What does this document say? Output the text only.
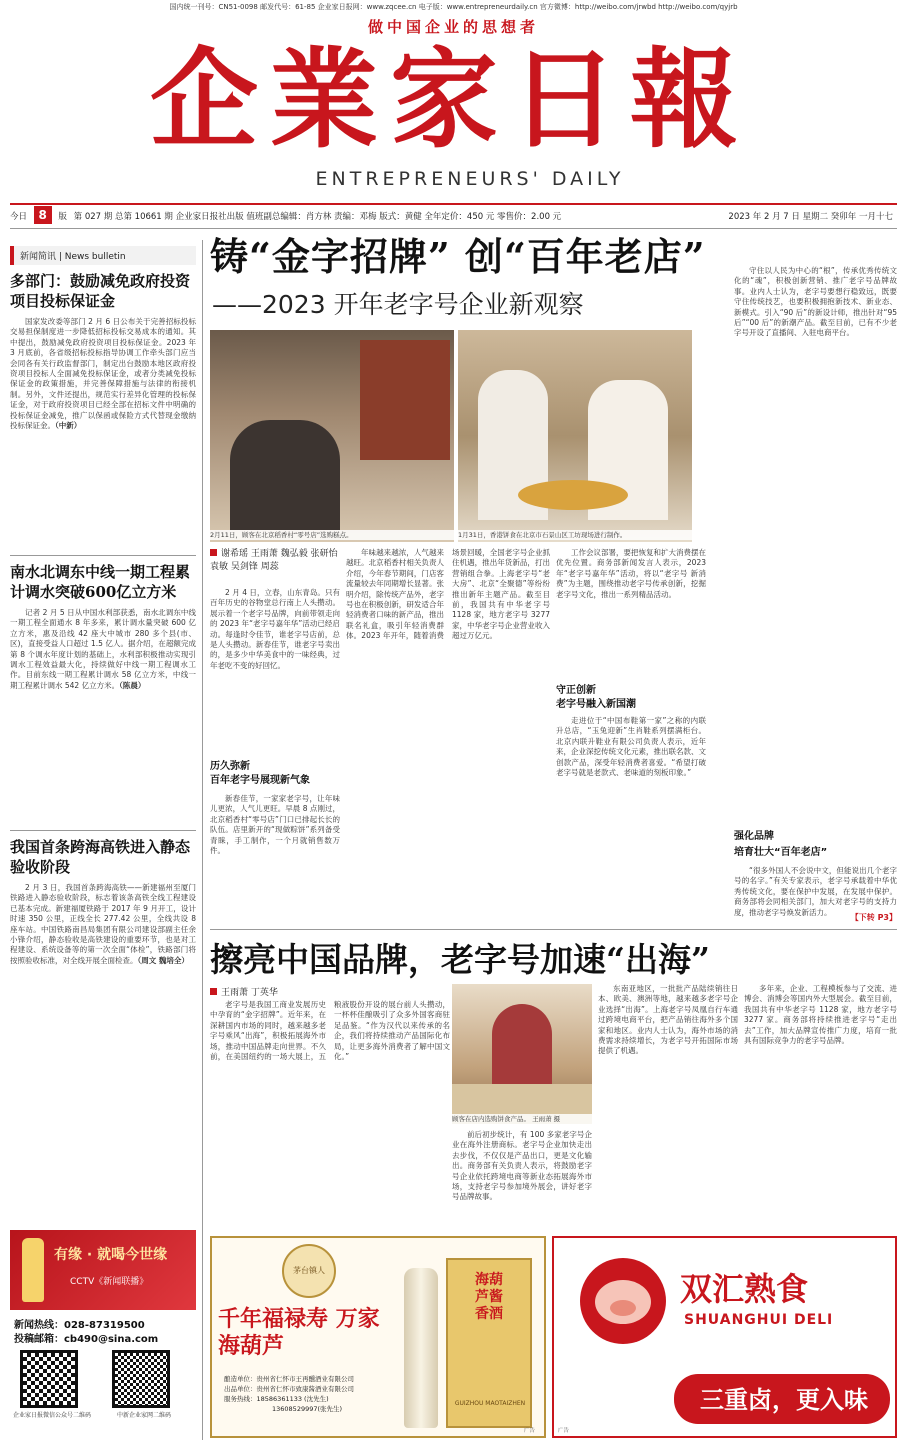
国内统一刊号：CN51-0098 邮发代号：61-85 企业家日报网：www.zqcee.cn 电子版：www.entrepreneurdaily.cn 官方微博：http://weibo.com/jrwbd http://weibo.com/qyjrb
做中国企业的思想者
企業家日報
ENTREPRENEURS' DAILY
今日 8 版 第 027 期 总第 10661 期 企业家日报社出版 值班副总编辑：肖方林 责编：邓梅 版式：黄健 全年定价：450 元 零售价：2.00 元	2023 年 2 月 7 日 星期二 癸卯年 一月十七
新闻简讯 | News bulletin
多部门：鼓励减免政府投资项目投标保证金
国家发改委等部门 2 月 6 日公布关于完善招标投标交易担保制度进一步降低招标投标交易成本的通知。其中提出，鼓励减免政府投资项目投标保证金。2023 年 3 月底前，各省级招标投标指导协调工作牵头部门应当会同各有关行政监督部门，制定出台鼓励本地区政府投资项目投标人全面减免投标保证金，或者分类减免投标保证金的政策措施，并完善保障措施与法律的衔接机制。另外，文件还提出，规范实行差异化管理的投标保证金，对于政府投资项目已经全部在招标文件中明确的投标保证金减免，推广以保函或保险方式代替现金缴纳投标保证金。（中新）
南水北调东中线一期工程累计调水突破600亿立方米
记者 2 月 5 日从中国水利部获悉，南水北调东中线一期工程全面通水 8 年多来，累计调水量突破 600 亿立方米，惠及沿线 42 座大中城市 280 多个县(市、区)，直接受益人口超过 1.5 亿人。据介绍，在超额完成第 8 个调水年度计划的基础上，水利部积极推动实现引调水工程效益最大化，持续做好中线一期工程调水工作。目前东线一期工程累计调水 58 亿立方米，中线一期工程累计调水 542 亿立方米。（陈晨）
我国首条跨海高铁进入静态验收阶段
2 月 3 日，我国首条跨海高铁——新建福州至厦门铁路进入静态验收阶段，标志着该条高铁全线工程建设已基本完成。新建福厦铁路于 2017 年 9 月开工，设计时速 350 公里，正线全长 277.42 公里，全线共设 8 座车站。中国铁路南昌局集团有限公司建设部副主任余小锋介绍，静态验收是高铁建设的重要环节，也是对工程建设、系统设备等的第一次全面“体检”，铁路部门将按照验收标准，对全线开展全面检查。（周文 魏培全）
有缘 · 就喝今世缘
CCTV《新闻联播》
新闻热线：028-87319500
投稿邮箱：cb490@sina.com
企业家日报微信公众号二维码	中新企业家网二维码
铸“金字招牌” 创“百年老店”
——2023 开年老字号企业新观察
2月11日，顾客在北京稻香村“零号店”选购糕点。	1月31日，香港饼食在北京市石景山区工坊现场进行制作。
谢希瑶 王雨萧 魏弘毅 张研怡 袁敏 吴剑锋 周蕊
2 月 4 日，立春，山东青岛。只有百年历史的谷物堂总行南上人头攒动。展示着一个老字号品牌，向前带领走向的 2023 年“老字号嘉年华”活动已经启动。每逢时令佳节，谁老字号店前，总是人头攒动。新春佳节，谁老字号卖出的，是多少中华美食中的一味经典，过年老吃不变的好回忆。
历久弥新
百年老字号展现新气象
新春佳节，一家家老字号，让年味儿更浓，人气儿更旺。早晨 8 点刚过，北京稻香村“零号店”门口已排起长长的队伍。店里新开的“现做粽饼”系列备受青睐，手工制作，一个月就销售数万件。
年味越来越浓，人气越来越旺。北京稻香村相关负责人介绍，今年春节期间，门店客流量较去年同期增长显著。张明介绍，除传统产品外，老字号也在积极创新，研发适合年轻消费者口味的新产品，推出联名礼盒，吸引年轻消费群体。2023 年开年，随着消费场景回暖，全国老字号企业抓住机遇，推出年货新品，打出营销组合拳。上海老字号“老大房”、北京“全聚德”等纷纷推出新年主题产品。截至目前，我国共有中华老字号 1128 家，地方老字号 3277 家，中华老字号企业营业收入超过万亿元。
工作会议部署，要把恢复和扩大消费摆在优先位置。商务部新闻发言人表示，2023 年“老字号嘉年华”活动，将以“老字号 新消费”为主题，围绕推动老字号传承创新，挖掘老字号文化，推出一系列精品活动。
守正创新
老字号融入新国潮
走进位于“中国布鞋第一家”之称的内联升总店，“玉兔迎新”生肖鞋系列摆满柜台。北京内联升鞋业有限公司负责人表示，近年来，企业深挖传统文化元素，推出联名款、文创款产品，深受年轻消费者喜爱。“希望打破老字号就是老款式、老味道的刻板印象。”
守住以人民为中心的“根”，传承优秀传统文化的“魂”，积极创新营销、推广老字号品牌故事。业内人士认为，老字号要想行稳致远，既要守住传统技艺，也要积极拥抱新技术、新业态、新模式。引入“90 后”的新设计师，推出针对“95 后”“00 后”的新潮产品。截至目前，已有不少老字号开设了直播间、入驻电商平台。
强化品牌
培育壮大“百年老店”
“很多外国人不会说中文，但能说出几个老字号的名字。”有关专家表示，老字号承载着中华优秀传统文化，要在保护中发展，在发展中保护。商务部将会同相关部门，加大对老字号的支持力度，推动老字号焕发新活力。
【下转 P3】
擦亮中国品牌，老字号加速“出海”
王雨萧 丁英华
老字号是我国工商业发展历史中孕育的“金字招牌”。近年来，在深耕国内市场的同时，越来越多老字号乘风“出海”，积极拓展海外市场，推动中国品牌走向世界。不久前，在美国纽约的一场大展上，五粮液股份开设的展台前人头攒动，一杯杯佳酿吸引了众多外国客商驻足品鉴。“作为汉代以来传承的名企，我们将持续推动产品国际化布局，让更多海外消费者了解中国文化。”
顾客在店内选购饼食产品。 王雨萧 摄
前后初步统计，有 100 多家老字号企业在海外注册商标。老字号企业加快走出去步伐，不仅仅是产品出口，更是文化输出。商务部有关负责人表示，将鼓励老字号企业依托跨境电商等新业态拓展海外市场，支持老字号参加境外展会，讲好老字号品牌故事。
东南亚地区，一批批产品陆续销往日本、欧美、澳洲等地，越来越多老字号企业选择“出海”。上海老字号凤凰自行车通过跨境电商平台，把产品销往海外多个国家和地区。业内人士认为，海外市场的消费需求持续增长，为老字号开拓国际市场提供了机遇。
多年来，企业、工程模板参与了交流、进博会、消博会等国内外大型展会。截至目前，我国共有中华老字号 1128 家，地方老字号 3277 家。商务部将持续推进老字号“走出去”工作，加大品牌宣传推广力度，培育一批具有国际竞争力的老字号品牌。
茅台镇人
千年福禄寿 万家海葫芦
酿造单位：贵州省仁怀市王再醺酒业有限公司
出品单位：贵州省仁怀市致康酱酒业有限公司
服务热线：18586361133 (沈先生)
13608529997(张先生)
海葫芦酱香酒
GUIZHOU MAOTAIZHEN
广告
双汇熟食
SHUANGHUI DELI
三重卤，更入味
广告
